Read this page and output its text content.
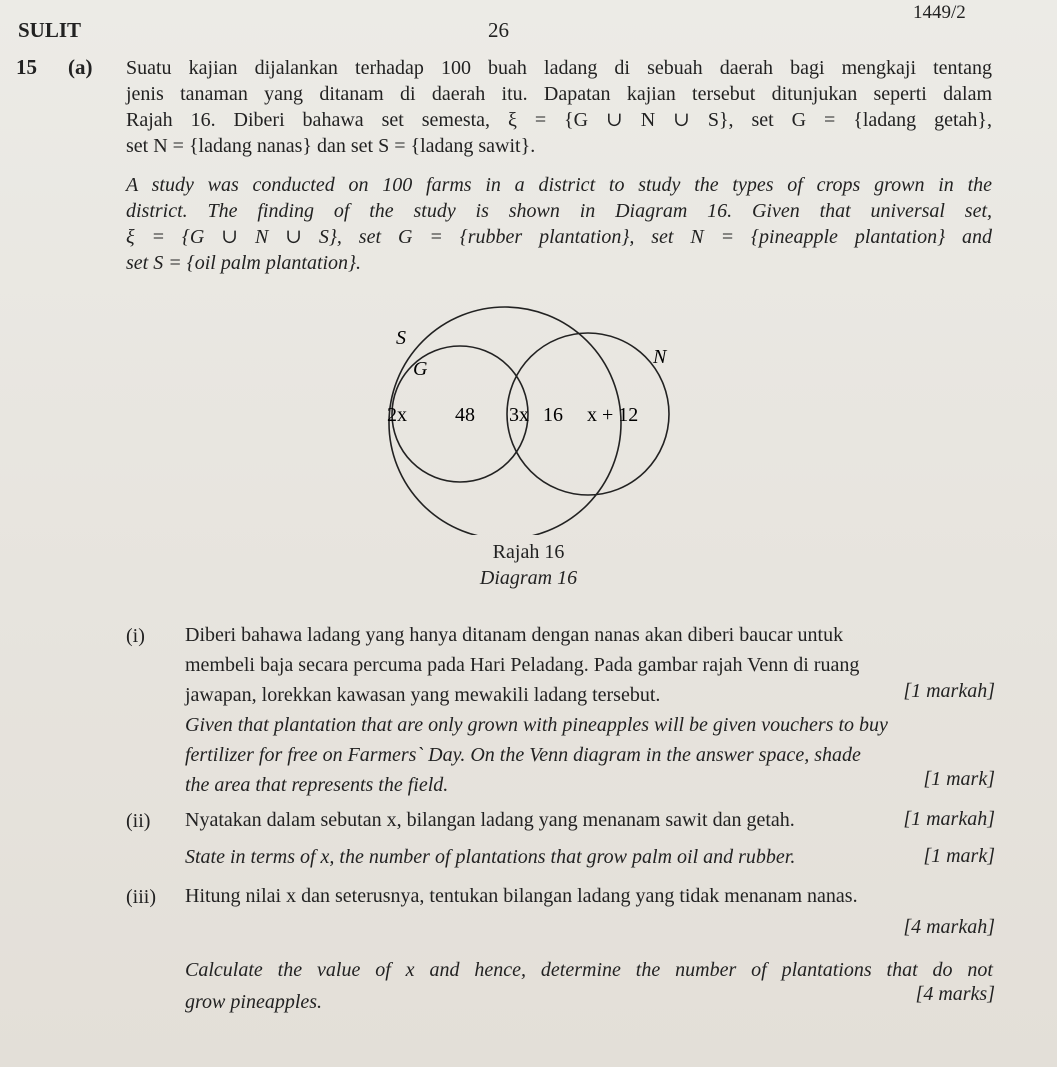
SULIT	26
1449/2
15 (a) Suatu kajian dijalankan terhadap 100 buah ladang di sebuah daerah bagi mengkaji tentang
jenis tanaman yang ditanam di daerah itu. Dapatan kajian tersebut ditunjukan seperti dalam
Rajah 16. Diberi bahawa set semesta, ξ = {G ∪ N ∪ S}, set G = {ladang getah},
set N = {ladang nanas} dan set S = {ladang sawit}.
A study was conducted on 100 farms in a district to study the types of crops grown in the
district. The finding of the study is shown in Diagram 16. Given that universal set,
ξ = {G ∪ N ∪ S}, set G = {rubber plantation}, set N = {pineapple plantation} and
set S = {oil palm plantation}.
S
G
N
2x 48 3x 16 x + 12
Rajah 16
Diagram 16
(i) Diberi bahawa ladang yang hanya ditanam dengan nanas akan diberi baucar untuk
membeli baja secara percuma pada Hari Peladang. Pada gambar rajah Venn di ruang
jawapan, lorekkan kawasan yang mewakili ladang tersebut.	[1 markah]
Given that plantation that are only grown with pineapples will be given vouchers to buy
fertilizer for free on Farmers` Day. On the Venn diagram in the answer space, shade
the area that represents the field.	[1 mark]
(ii) Nyatakan dalam sebutan x, bilangan ladang yang menanam sawit dan getah.	[1 markah]
State in terms of x, the number of plantations that grow palm oil and rubber.	[1 mark]
(iii) Hitung nilai x dan seterusnya, tentukan bilangan ladang yang tidak menanam nanas.
[4 markah]
Calculate the value of x and hence, determine the number of plantations that do not
grow pineapples.	[4 marks]
